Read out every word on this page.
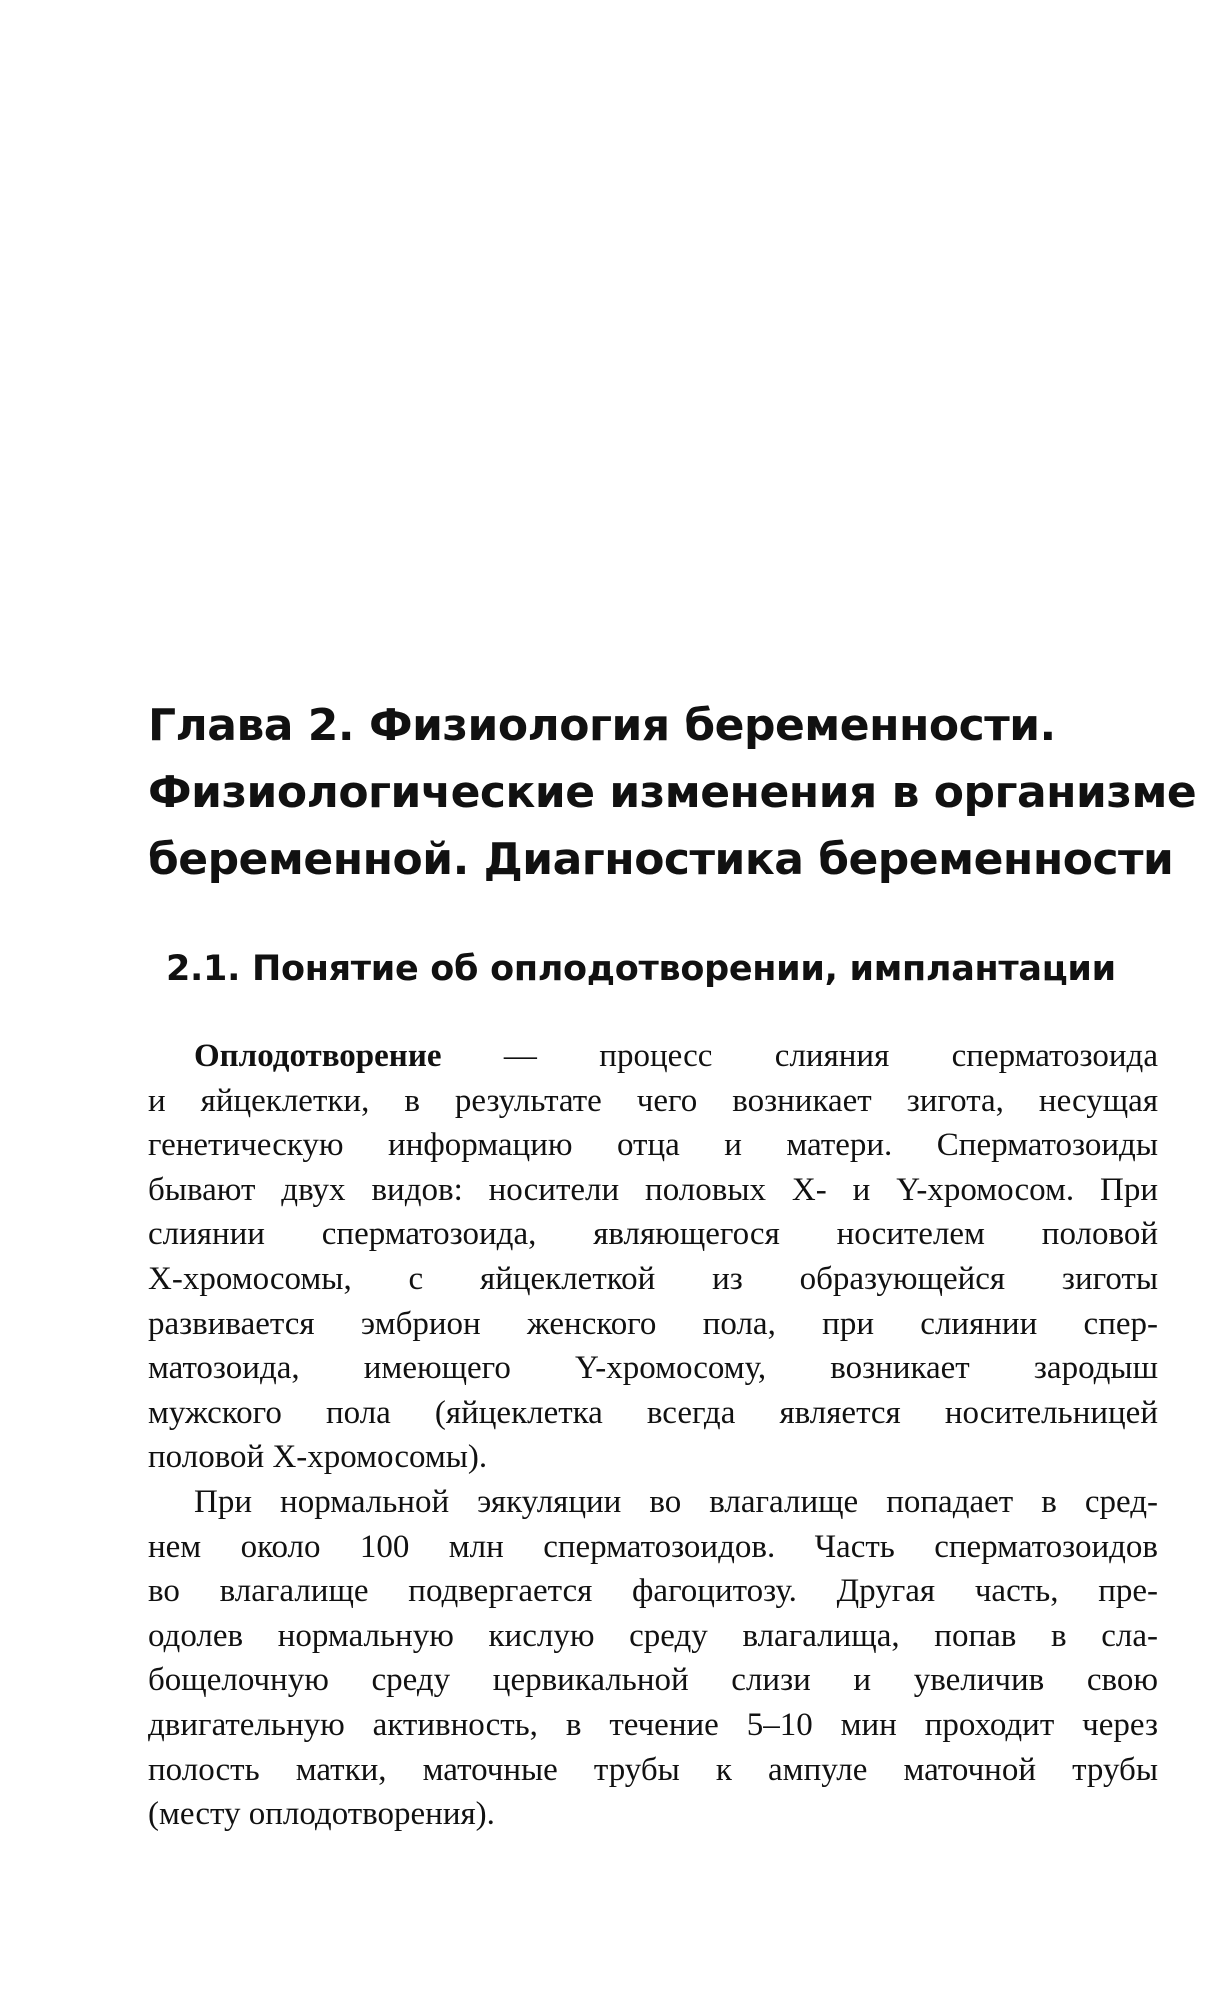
Глава 2. Физиология беременности.
Физиологические изменения в организме
беременной. Диагностика беременности
2.1. Понятие об оплодотворении, имплантации
Оплодотворение — процесс слияния сперматозоида
и яйцеклетки, в результате чего возникает зигота, несущая
генетическую информацию отца и матери. Сперматозоиды
бывают двух видов: носители половых X- и Y-хромосом. При
слиянии сперматозоида, являющегося носителем половой
X-хромосомы, с яйцеклеткой из образующейся зиготы
развивается эмбрион женского пола, при слиянии спер-
матозоида, имеющего Y-хромосому, возникает зародыш
мужского пола (яйцеклетка всегда является носительницей
половой X-хромосомы).
При нормальной эякуляции во влагалище попадает в сред-
нем около 100 млн сперматозоидов. Часть сперматозоидов
во влагалище подвергается фагоцитозу. Другая часть, пре-
одолев нормальную кислую среду влагалища, попав в сла-
бощелочную среду цервикальной слизи и увеличив свою
двигательную активность, в течение 5–10 мин проходит через
полость матки, маточные трубы к ампуле маточной трубы
(месту оплодотворения).
